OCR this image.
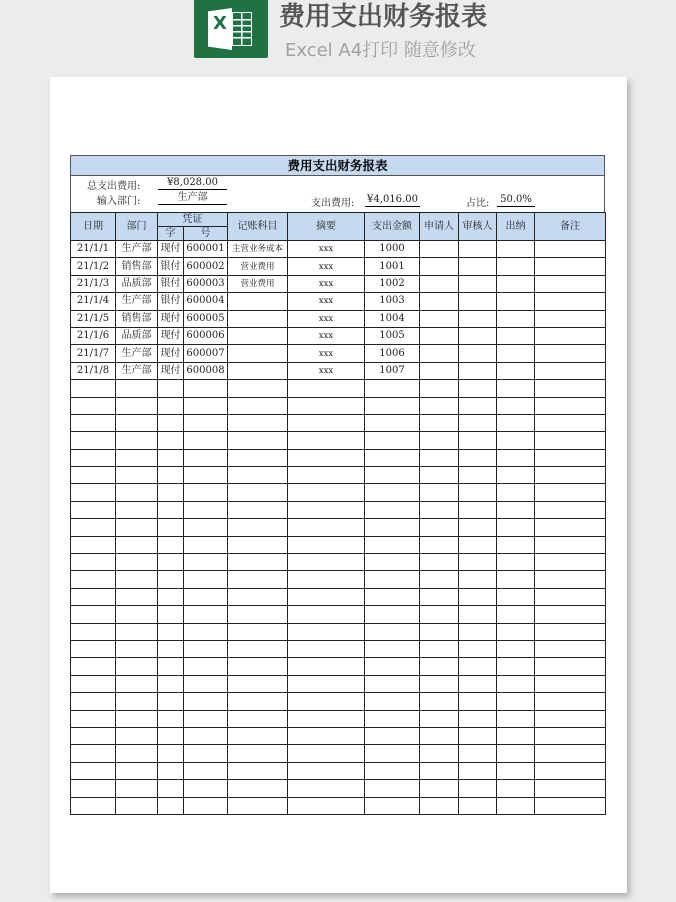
X 费用支出财务报表
Excel A4打印 随意修改
费用支出财务报表
总支出费用:	¥8,028.00
输入部门:	生产部
支出费用: ¥4,016.00	占比:	50.0%
日期	部门	凭证		记账科目	摘要	支出金额	申请人	审核人	出纳	备注
		字	号							
21/1/1	生产部	现付	600001	主营业务成本	xxx	1000				
21/1/2	销售部	银付	600002	营业费用	xxx	1001				
21/1/3	品质部	银付	600003	营业费用	xxx	1002				
21/1/4	生产部	银付	600004		xxx	1003				
21/1/5	销售部	现付	600005		xxx	1004				
21/1/6	品质部	现付	600006		xxx	1005				
21/1/7	生产部	现付	600007		xxx	1006				
21/1/8	生产部	现付	600008		xxx	1007				
